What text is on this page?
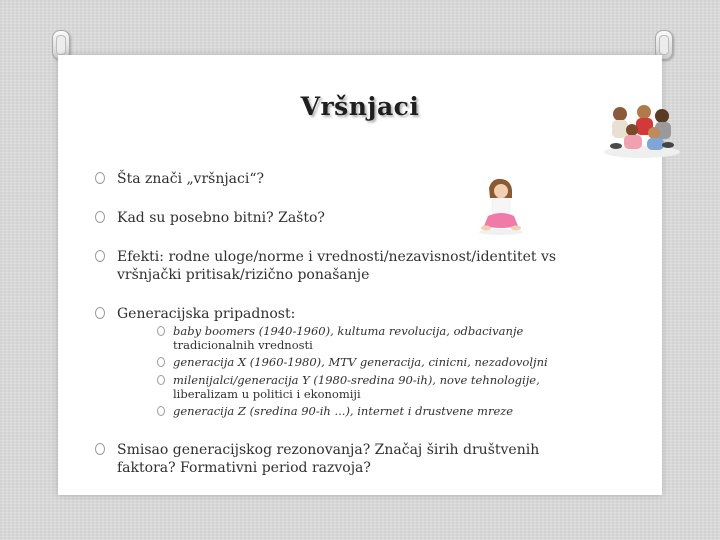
Vršnjaci
Šta znači „vršnjaci“?
Kad su posebno bitni? Zašto?
Efekti: rodne uloge/norme i vrednosti/nezavisnost/identitet vs
vršnjački pritisak/rizično ponašanje
Generacijska pripadnost:
baby boomers (1940-1960), kultuma revolucija, odbacivanje
tradicionalnih vrednosti
generacija X (1960-1980), MTV generacija, cinicni, nezadovoljni
milenijalci/generacija Y (1980-sredina 90-ih), nove tehnologije,
liberalizam u politici i ekonomiji
generacija Z (sredina 90-ih ...), internet i drustvene mreze
Smisao generacijskog rezonovanja? Značaj širih društvenih
faktora? Formativni period razvoja?
